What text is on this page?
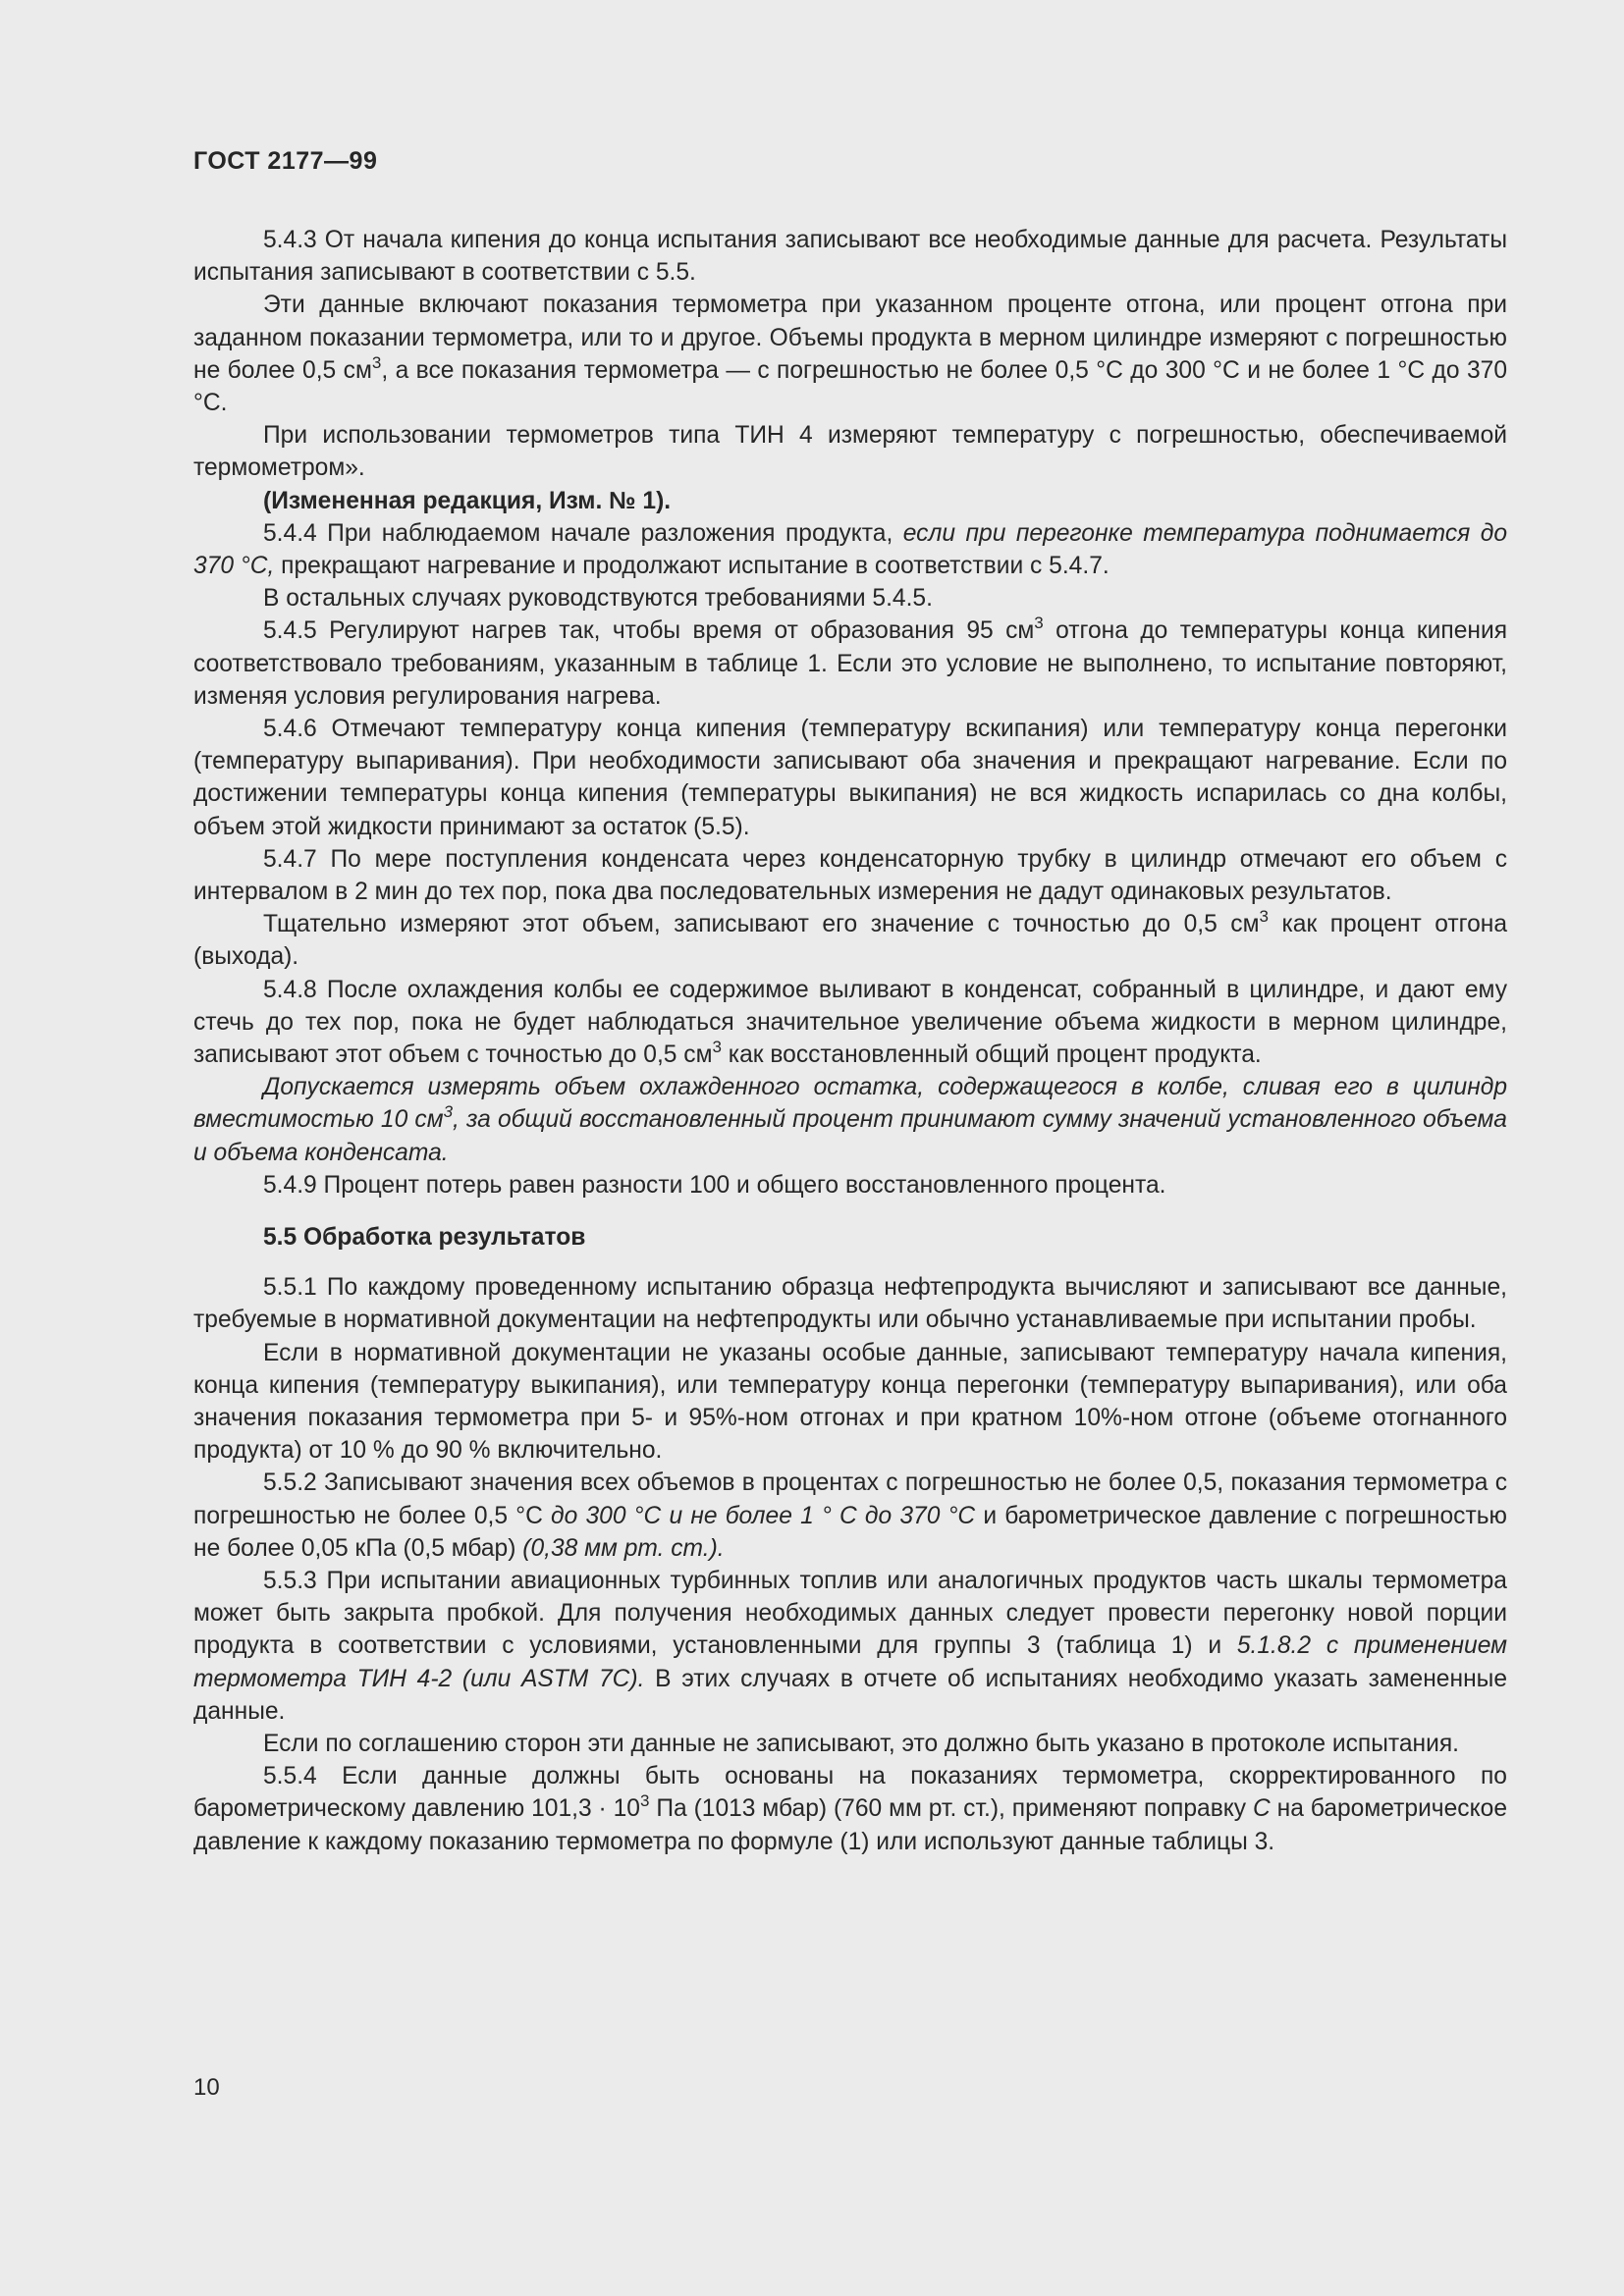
ГОСТ 2177—99

5.4.3 От начала кипения до конца испытания записывают все необходимые данные для расчета. Результаты испытания записывают в соответствии с 5.5.

Эти данные включают показания термометра при указанном проценте отгона, или процент отгона при заданном показании термометра, или то и другое. Объемы продукта в мерном цилиндре измеряют с погрешностью не более 0,5 $см^3$, а все показания термометра — с погрешностью не более 0,5 °С до 300 °С и не более 1 °С до 370 °С.

При использовании термометров типа ТИН 4 измеряют температуру с погрешностью, обеспечиваемой термометром».

(Измененная редакция, Изм. № 1).

5.4.4 При наблюдаемом начале разложения продукта, если при перегонке температура поднимается до 370 °С, прекращают нагревание и продолжают испытание в соответствии с 5.4.7.

В остальных случаях руководствуются требованиями 5.4.5.

5.4.5 Регулируют нагрев так, чтобы время от образования 95 $см^3$ отгона до температуры конца кипения соответствовало требованиям, указанным в таблице 1. Если это условие не выполнено, то испытание повторяют, изменяя условия регулирования нагрева.

5.4.6 Отмечают температуру конца кипения (температуру вскипания) или температуру конца перегонки (температуру выпаривания). При необходимости записывают оба значения и прекращают нагревание. Если по достижении температуры конца кипения (температуры выкипания) не вся жидкость испарилась со дна колбы, объем этой жидкости принимают за остаток (5.5).

5.4.7 По мере поступления конденсата через конденсаторную трубку в цилиндр отмечают его объем с интервалом в 2 мин до тех пор, пока два последовательных измерения не дадут одинаковых результатов.

Тщательно измеряют этот объем, записывают его значение с точностью до 0,5 $см^3$ как процент отгона (выхода).

5.4.8 После охлаждения колбы ее содержимое выливают в конденсат, собранный в цилиндре, и дают ему стечь до тех пор, пока не будет наблюдаться значительное увеличение объема жидкости в мерном цилиндре, записывают этот объем с точностью до 0,5 $см^3$ как восстановленный общий процент продукта.

Допускается измерять объем охлажденного остатка, содержащегося в колбе, сливая его в цилиндр вместимостью 10 $см^3$, за общий восстановленный процент принимают сумму значений установленного объема и объема конденсата.

5.4.9 Процент потерь равен разности 100 и общего восстановленного процента.

5.5 Обработка результатов

5.5.1 По каждому проведенному испытанию образца нефтепродукта вычисляют и записывают все данные, требуемые в нормативной документации на нефтепродукты или обычно устанавливаемые при испытании пробы.

Если в нормативной документации не указаны особые данные, записывают температуру начала кипения, конца кипения (температуру выкипания), или температуру конца перегонки (температуру выпаривания), или оба значения показания термометра при 5- и 95%-ном отгонах и при кратном 10%-ном отгоне (объеме отогнанного продукта) от 10 % до 90 % включительно.

5.5.2 Записывают значения всех объемов в процентах с погрешностью не более 0,5, показания термометра с погрешностью не более 0,5 °С до 300 °С и не более 1 ° С до 370 °С и барометрическое давление с погрешностью не более 0,05 кПа (0,5 мбар) (0,38 мм рт. ст.).

5.5.3 При испытании авиационных турбинных топлив или аналогичных продуктов часть шкалы термометра может быть закрыта пробкой. Для получения необходимых данных следует провести перегонку новой порции продукта в соответствии с условиями, установленными для группы 3 (таблица 1) и 5.1.8.2 с применением термометра ТИН 4-2 (или ASTM 7C). В этих случаях в отчете об испытаниях необходимо указать замененные данные.

Если по соглашению сторон эти данные не записывают, это должно быть указано в протоколе испытания.

5.5.4 Если данные должны быть основаны на показаниях термометра, скорректированного по барометрическому давлению $101,3 \cdot 10^3$ Па (1013 мбар) (760 мм рт. ст.), применяют поправку С на барометрическое давление к каждому показанию термометра по формуле (1) или используют данные таблицы 3.

10
